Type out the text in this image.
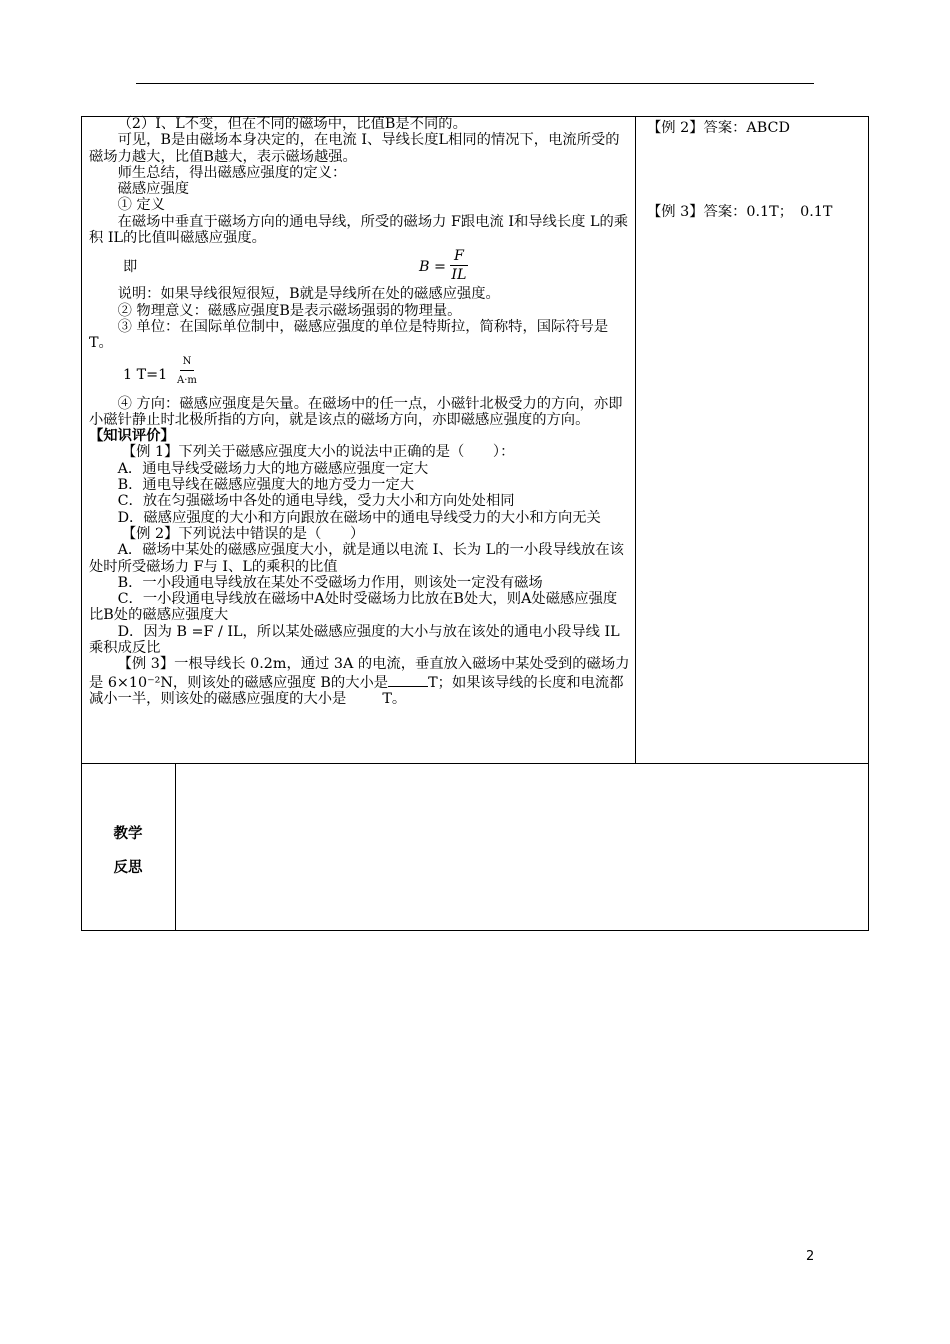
（2）I、L不变，但在不同的磁场中，比值B是不同的。

可见，B是由磁场本身决定的，在电流 I、导线长度L相同的情况下，电流所受的磁场力越大，比值B越大，表示磁场越强。

师生总结，得出磁感应强度的定义：

磁感应强度

① 定义

在磁场中垂直于磁场方向的通电导线，所受的磁场力 F跟电流 I和导线长度 L的乘积 IL的比值叫磁感应强度。

即	$B = \frac{F}{IL}$

说明：如果导线很短很短，B就是导线所在处的磁感应强度。

② 物理意义：磁感应强度B是表示磁场强弱的物理量。

③ 单位：在国际单位制中，磁感应强度的单位是特斯拉，简称特，国际符号是 T。

1 $T=1 \frac{N}{A\cdot m}$

④ 方向：磁感应强度是矢量。在磁场中的任一点，小磁针北极受力的方向，亦即小磁针静止时北极所指的方向，就是该点的磁场方向，亦即磁感应强度的方向。

【知识评价】

【例 1】下列关于磁感应强度大小的说法中正确的是（　　）：

A．通电导线受磁场力大的地方磁感应强度一定大

B．通电导线在磁感应强度大的地方受力一定大

C．放在匀强磁场中各处的通电导线，受力大小和方向处处相同

D．磁感应强度的大小和方向跟放在磁场中的通电导线受力的大小和方向无关

【例 2】下列说法中错误的是（　　）

A．磁场中某处的磁感应强度大小，就是通以电流 I、长为 L的一小段导线放在该处时所受磁场力 F与 I、L的乘积的比值

B．一小段通电导线放在某处不受磁场力作用，则该处一定没有磁场

C．一小段通电导线放在磁场中A处时受磁场力比放在B处大，则A处磁感应强度比B处的磁感应强度大

D．因为 B =F / IL，所以某处磁感应强度的大小与放在该处的通电小段导线 IL乘积成反比

【例 3】一根导线长 0.2m，通过 3A 的电流，垂直放入磁场中某处受到的磁场力是 6×10⁻²N，则该处的磁感应强度 B的大小是	T；如果该导线的长度和电流都减小一半，则该处的磁感应强度的大小是	T。

【例 2】答案：ABCD
【例 3】答案：0.1T；　0.1T
教学
反思
2
